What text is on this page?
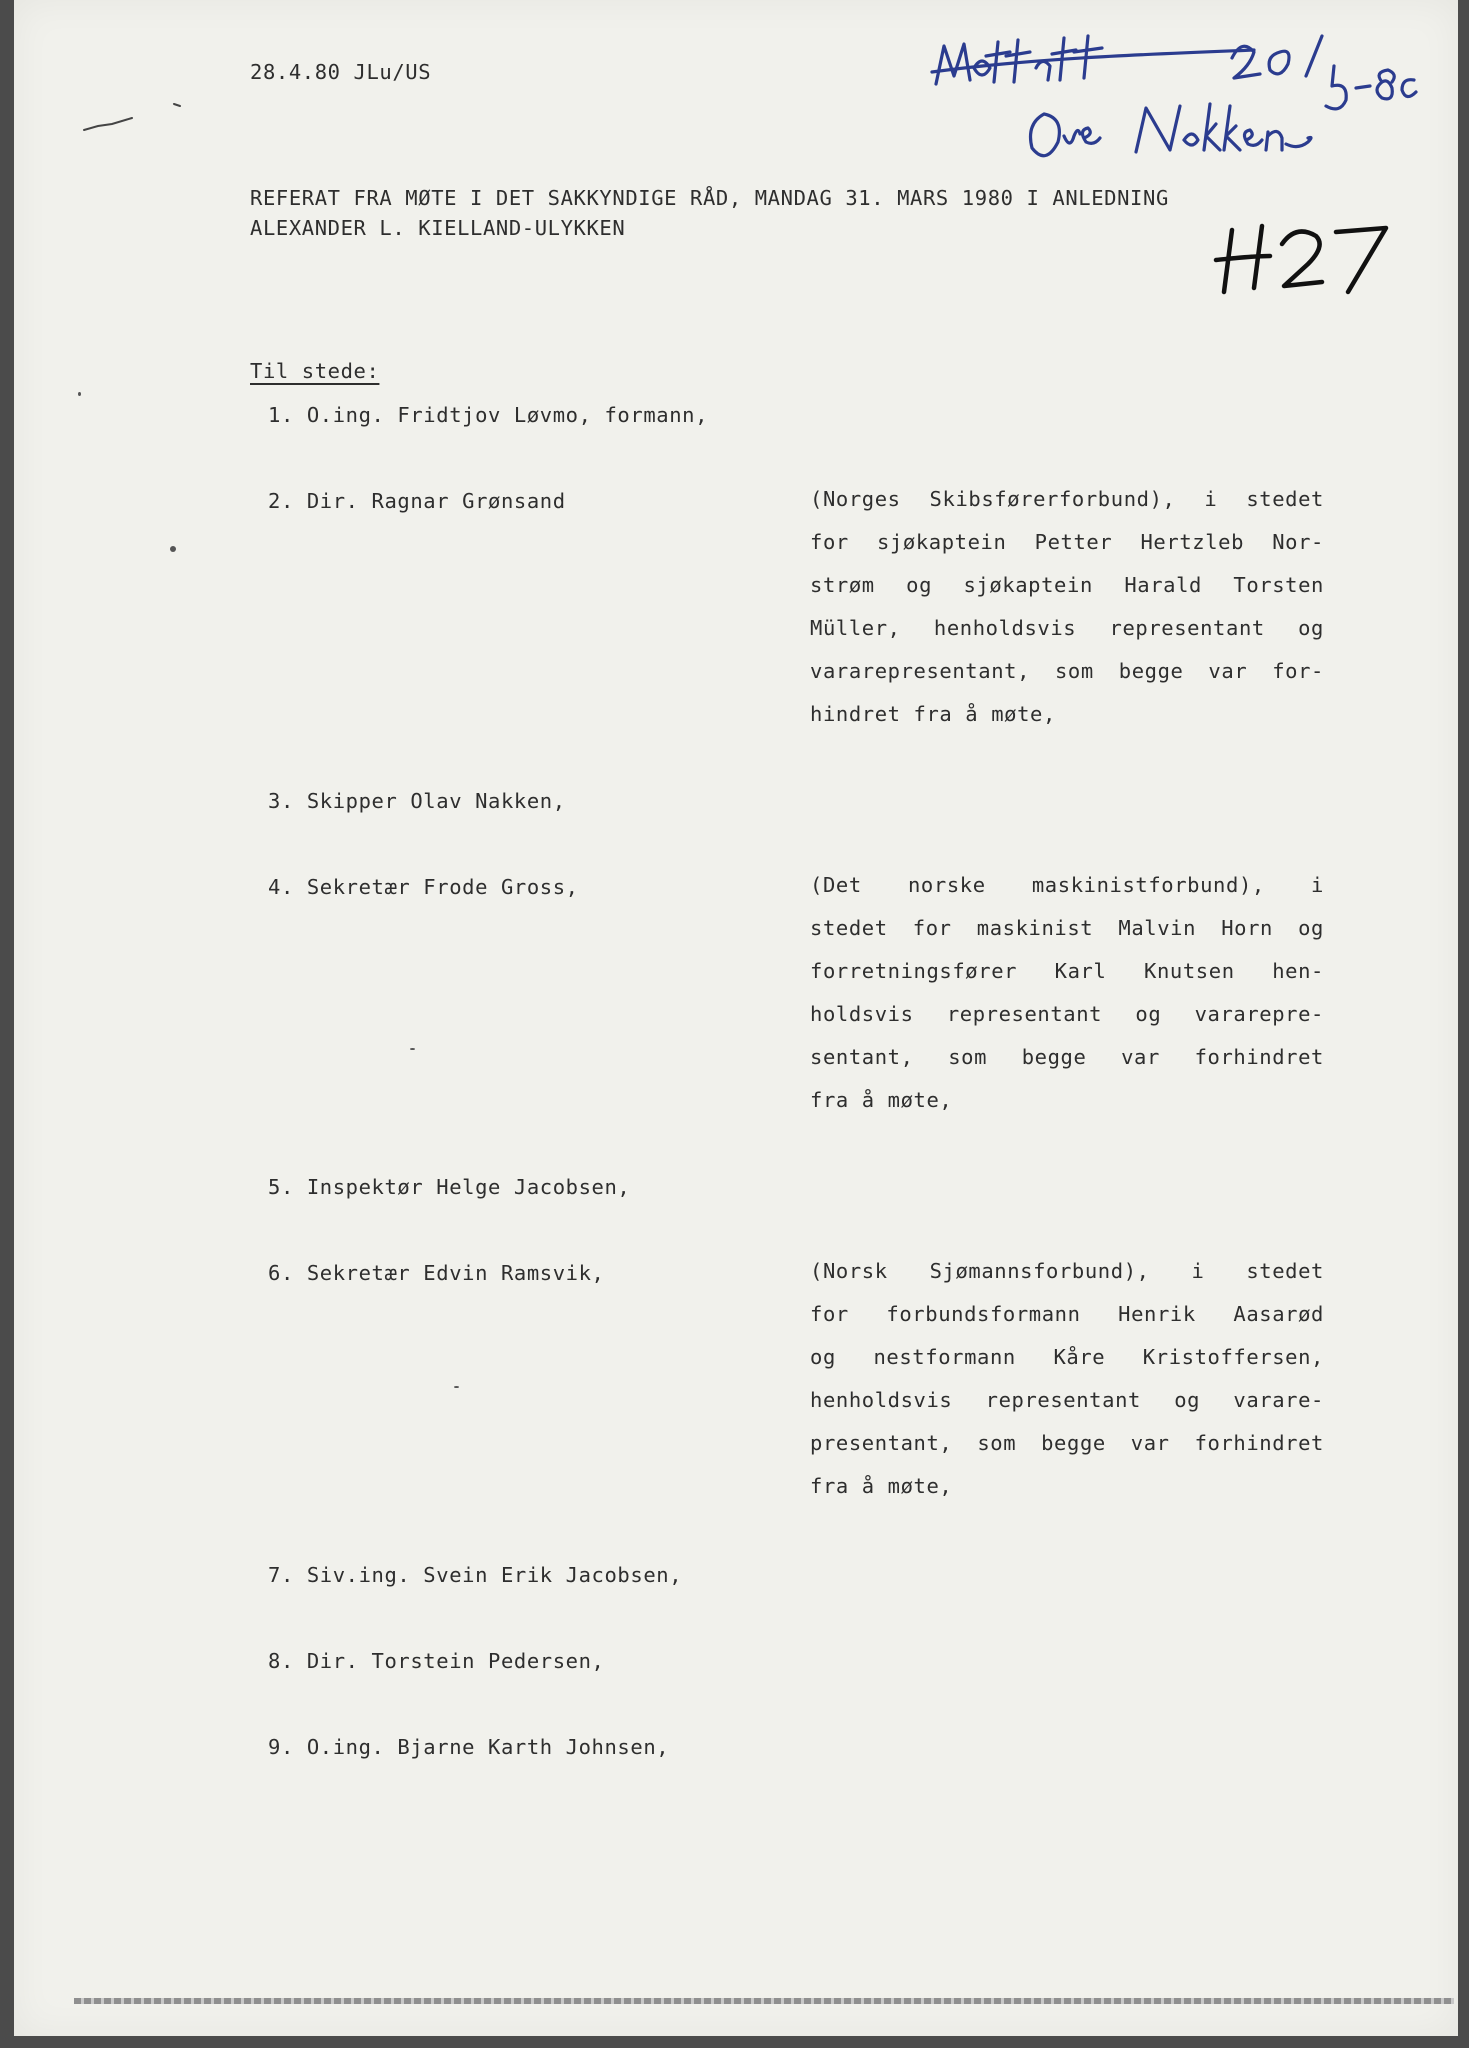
28.4.80 JLu/US
REFERAT FRA MØTE I DET SAKKYNDIGE RÅD, MANDAG 31. MARS 1980 I ANLEDNING
ALEXANDER L. KIELLAND-ULYKKEN
Til stede:
1. O.ing. Fridtjov Løvmo, formann,
2. Dir. Ragnar Grønsand	(Norges Skibsførerforbund), i stedet
for sjøkaptein Petter Hertzleb Nor-
strøm og sjøkaptein Harald Torsten
Müller, henholdsvis representant og
vararepresentant, som begge var for-
hindret fra å møte,
3. Skipper Olav Nakken,
4. Sekretær Frode Gross,	(Det norske maskinistforbund), i
stedet for maskinist Malvin Horn og
forretningsfører Karl Knutsen hen-
holdsvis representant og vararepre-
sentant, som begge var forhindret
fra å møte,
5. Inspektør Helge Jacobsen,
6. Sekretær Edvin Ramsvik,	(Norsk Sjømannsforbund), i stedet
for forbundsformann Henrik Aasarød
og nestformann Kåre Kristoffersen,
henholdsvis representant og varare-
presentant, som begge var forhindret
fra å møte,
7. Siv.ing. Svein Erik Jacobsen,
8. Dir. Torstein Pedersen,
9. O.ing. Bjarne Karth Johnsen,
